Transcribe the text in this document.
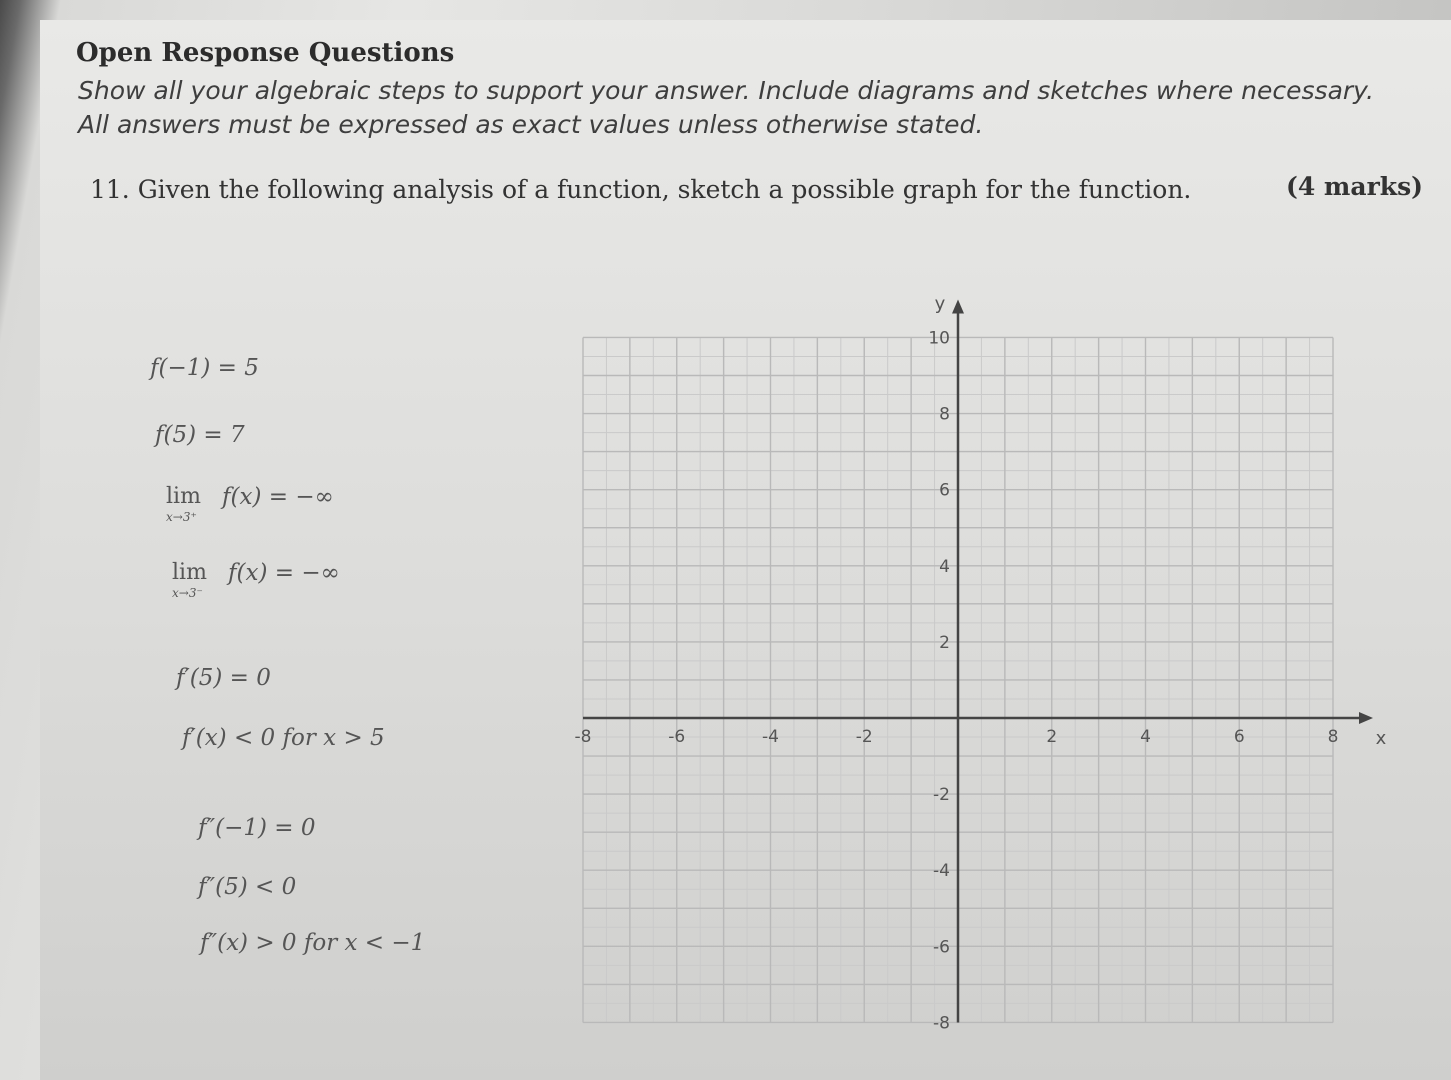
Open Response Questions
Show all your algebraic steps to support your answer. Include diagrams and sketches where necessary.
All answers must be expressed as exact values unless otherwise stated.
11. Given the following analysis of a function, sketch a possible graph for the function.	(4 marks)
f(−1) = 5
f(5) = 7
lim
x→3⁺
f(x) = −∞
lim
x→3⁻
f(x) = −∞
f′(5) = 0
f′(x) < 0 for x > 5
f″(−1) = 0
f″(5) < 0
f″(x) > 0 for x < −1
-8	-6	-4	-2	2	4	6	8
10
8
6
4
2
-2
-4
-6
-8
x
y
